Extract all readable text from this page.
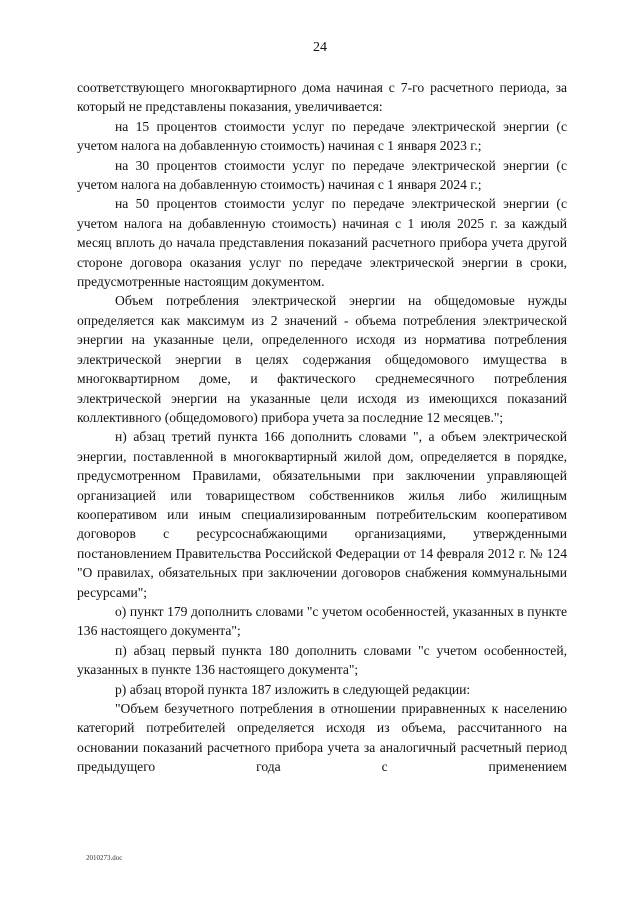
24

соответствующего многоквартирного дома начиная с 7-го расчетного периода, за который не представлены показания, увеличивается:

на 15 процентов стоимости услуг по передаче электрической энергии (с учетом налога на добавленную стоимость) начиная с 1 января 2023 г.;

на 30 процентов стоимости услуг по передаче электрической энергии (с учетом налога на добавленную стоимость) начиная с 1 января 2024 г.;

на 50 процентов стоимости услуг по передаче электрической энергии (с учетом налога на добавленную стоимость) начиная с 1 июля 2025 г. за каждый месяц вплоть до начала представления показаний расчетного прибора учета другой стороне договора оказания услуг по передаче электрической энергии в сроки, предусмотренные настоящим документом.

Объем потребления электрической энергии на общедомовые нужды определяется как максимум из 2 значений - объема потребления электрической энергии на указанные цели, определенного исходя из норматива потребления электрической энергии в целях содержания общедомового имущества в многоквартирном доме, и фактического среднемесячного потребления электрической энергии на указанные цели исходя из имеющихся показаний коллективного (общедомового) прибора учета за последние 12 месяцев.";

н) абзац третий пункта 166 дополнить словами ", а объем электрической энергии, поставленной в многоквартирный жилой дом, определяется в порядке, предусмотренном Правилами, обязательными при заключении управляющей организацией или товариществом собственников жилья либо жилищным кооперативом или иным специализированным потребительским кооперативом договоров с ресурсоснабжающими организациями, утвержденными постановлением Правительства Российской Федерации от 14 февраля 2012 г. № 124 "О правилах, обязательных при заключении договоров снабжения коммунальными ресурсами";

о) пункт 179 дополнить словами "с учетом особенностей, указанных в пункте 136 настоящего документа";

п) абзац первый пункта 180 дополнить словами "с учетом особенностей, указанных в пункте 136 настоящего документа";

р) абзац второй пункта 187 изложить в следующей редакции:

"Объем безучетного потребления в отношении приравненных к населению категорий потребителей определяется исходя из объема, рассчитанного на основании показаний расчетного прибора учета за аналогичный расчетный период предыдущего года с применением

2010273.doc
